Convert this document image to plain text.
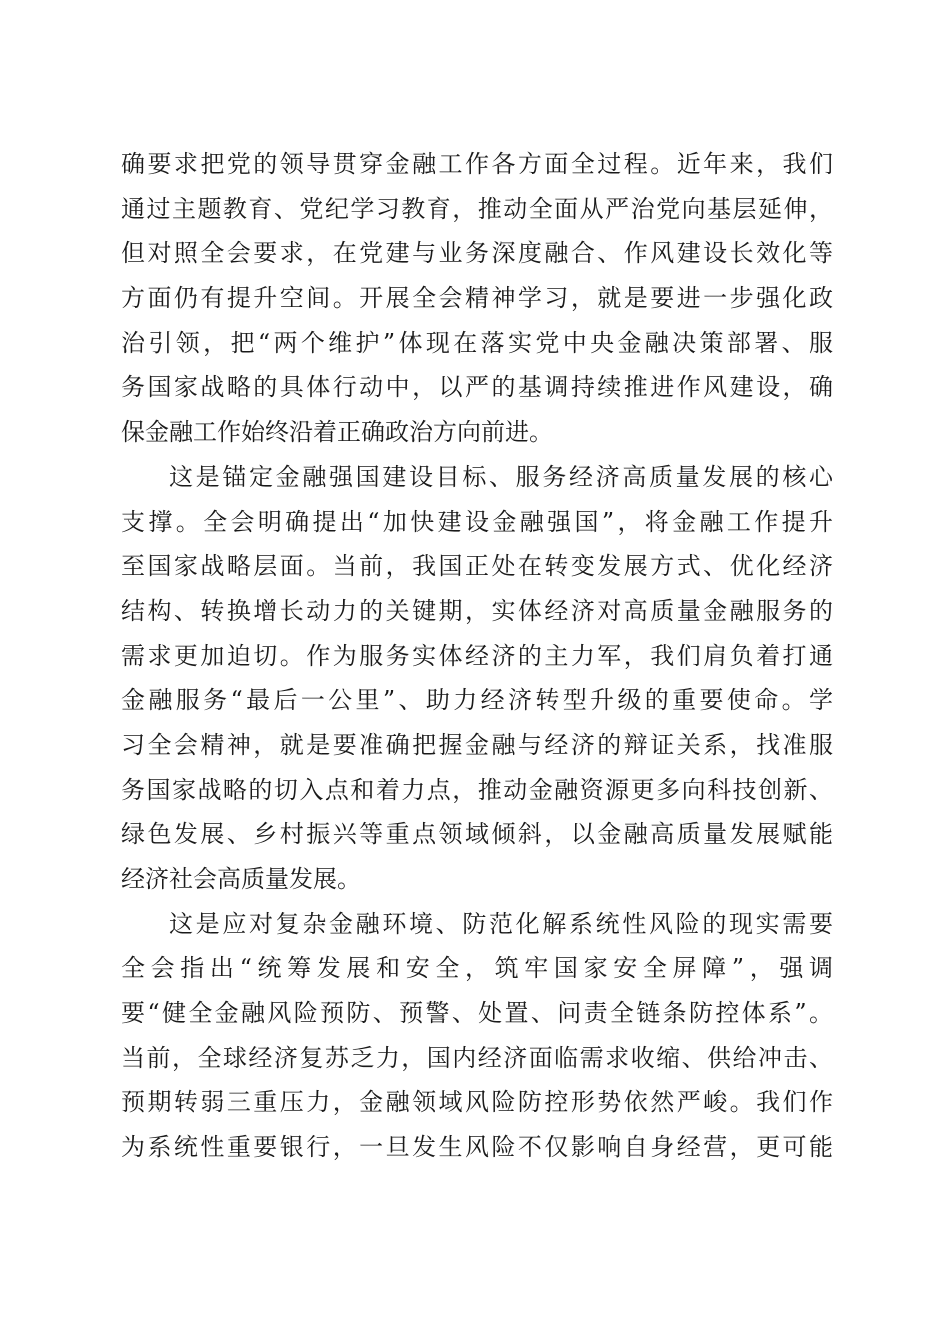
确要求把党的领导贯穿金融工作各方面全过程。近年来，我们
通过主题教育、党纪学习教育，推动全面从严治党向基层延伸，
但对照全会要求，在党建与业务深度融合、作风建设长效化等
方面仍有提升空间。开展全会精神学习，就是要进一步强化政
治引领，把“两个维护”体现在落实党中央金融决策部署、服
务国家战略的具体行动中，以严的基调持续推进作风建设，确
保金融工作始终沿着正确政治方向前进。
这是锚定金融强国建设目标、服务经济高质量发展的核心
支撑。全会明确提出“加快建设金融强国”，将金融工作提升
至国家战略层面。当前，我国正处在转变发展方式、优化经济
结构、转换增长动力的关键期，实体经济对高质量金融服务的
需求更加迫切。作为服务实体经济的主力军，我们肩负着打通
金融服务“最后一公里”、助力经济转型升级的重要使命。学
习全会精神，就是要准确把握金融与经济的辩证关系，找准服
务国家战略的切入点和着力点，推动金融资源更多向科技创新、
绿色发展、乡村振兴等重点领域倾斜，以金融高质量发展赋能
经济社会高质量发展。
这是应对复杂金融环境、防范化解系统性风险的现实需要
全会指出“统筹发展和安全，筑牢国家安全屏障”，强调
要“健全金融风险预防、预警、处置、问责全链条防控体系”。
当前，全球经济复苏乏力，国内经济面临需求收缩、供给冲击、
预期转弱三重压力，金融领域风险防控形势依然严峻。我们作
为系统性重要银行，一旦发生风险不仅影响自身经营，更可能
